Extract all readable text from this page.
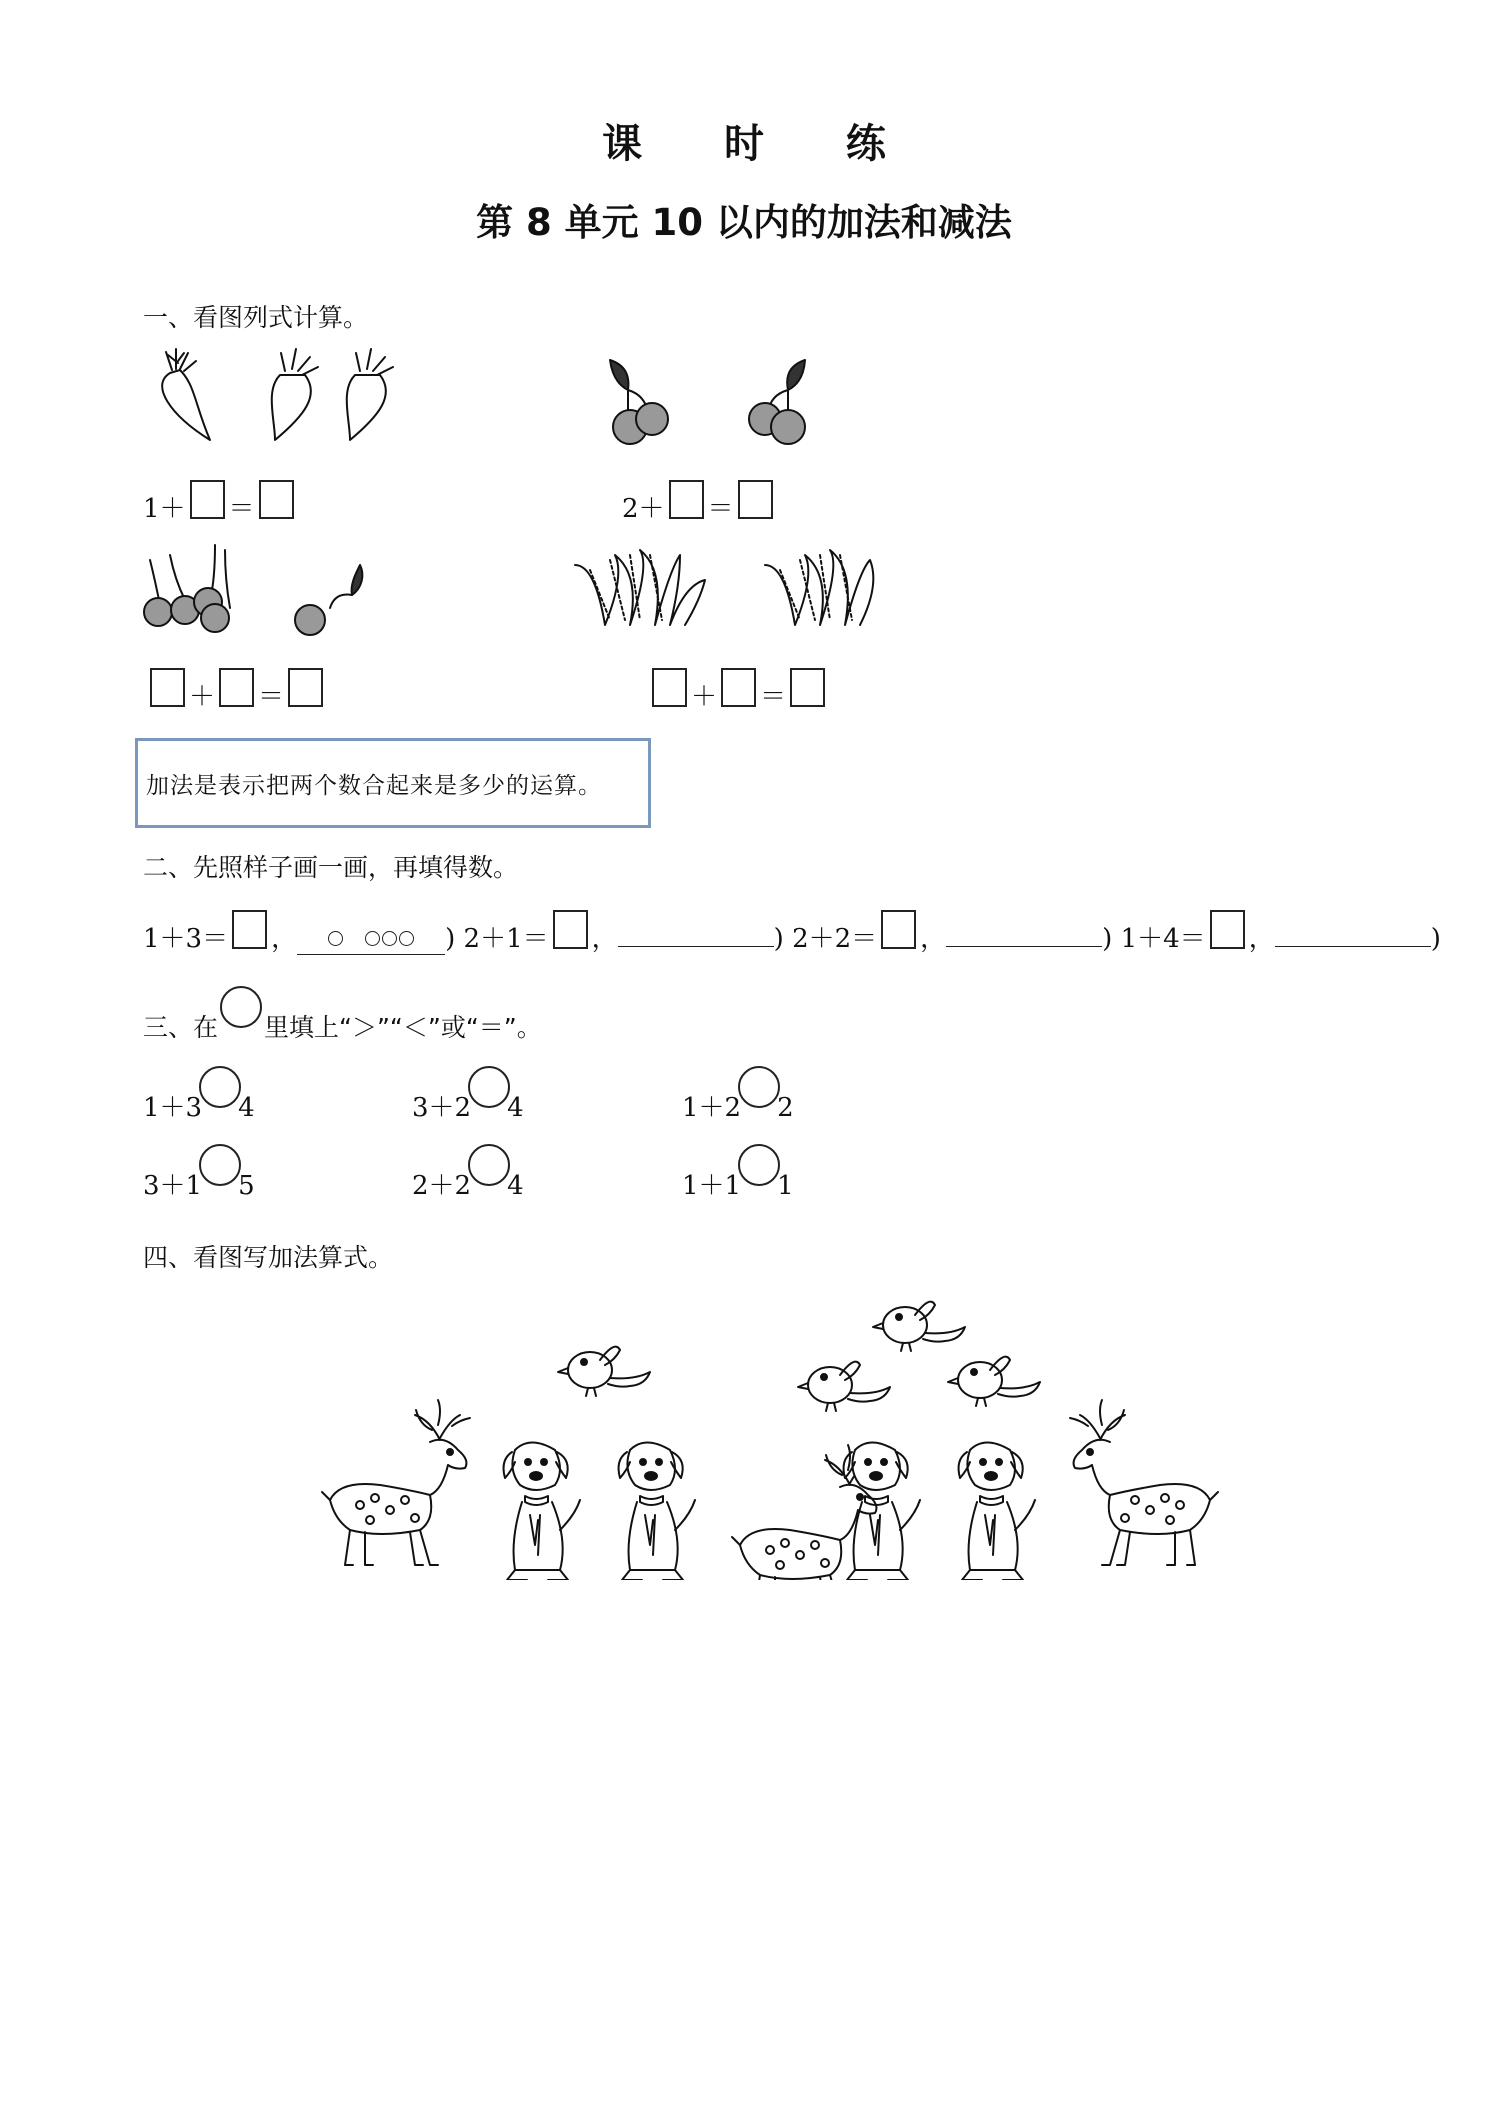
课 时 练
第 8 单元 10 以内的加法和减法
一、看图列式计算。
1＋ ＝	2＋ ＝
＋ ＝	＋ ＝
加法是表示把两个数合起来是多少的运算。
二、先照样子画一画，再填得数。
1＋3＝ ，	) 2＋1＝ ，	) 2＋2＝ ，	) 1＋4＝ ，	)
三、在 里填上“＞”“＜”或“＝”。
1＋3 4	3＋2 4	1＋2 2
3＋1 5	2＋2 4	1＋1 1
四、看图写加法算式。
